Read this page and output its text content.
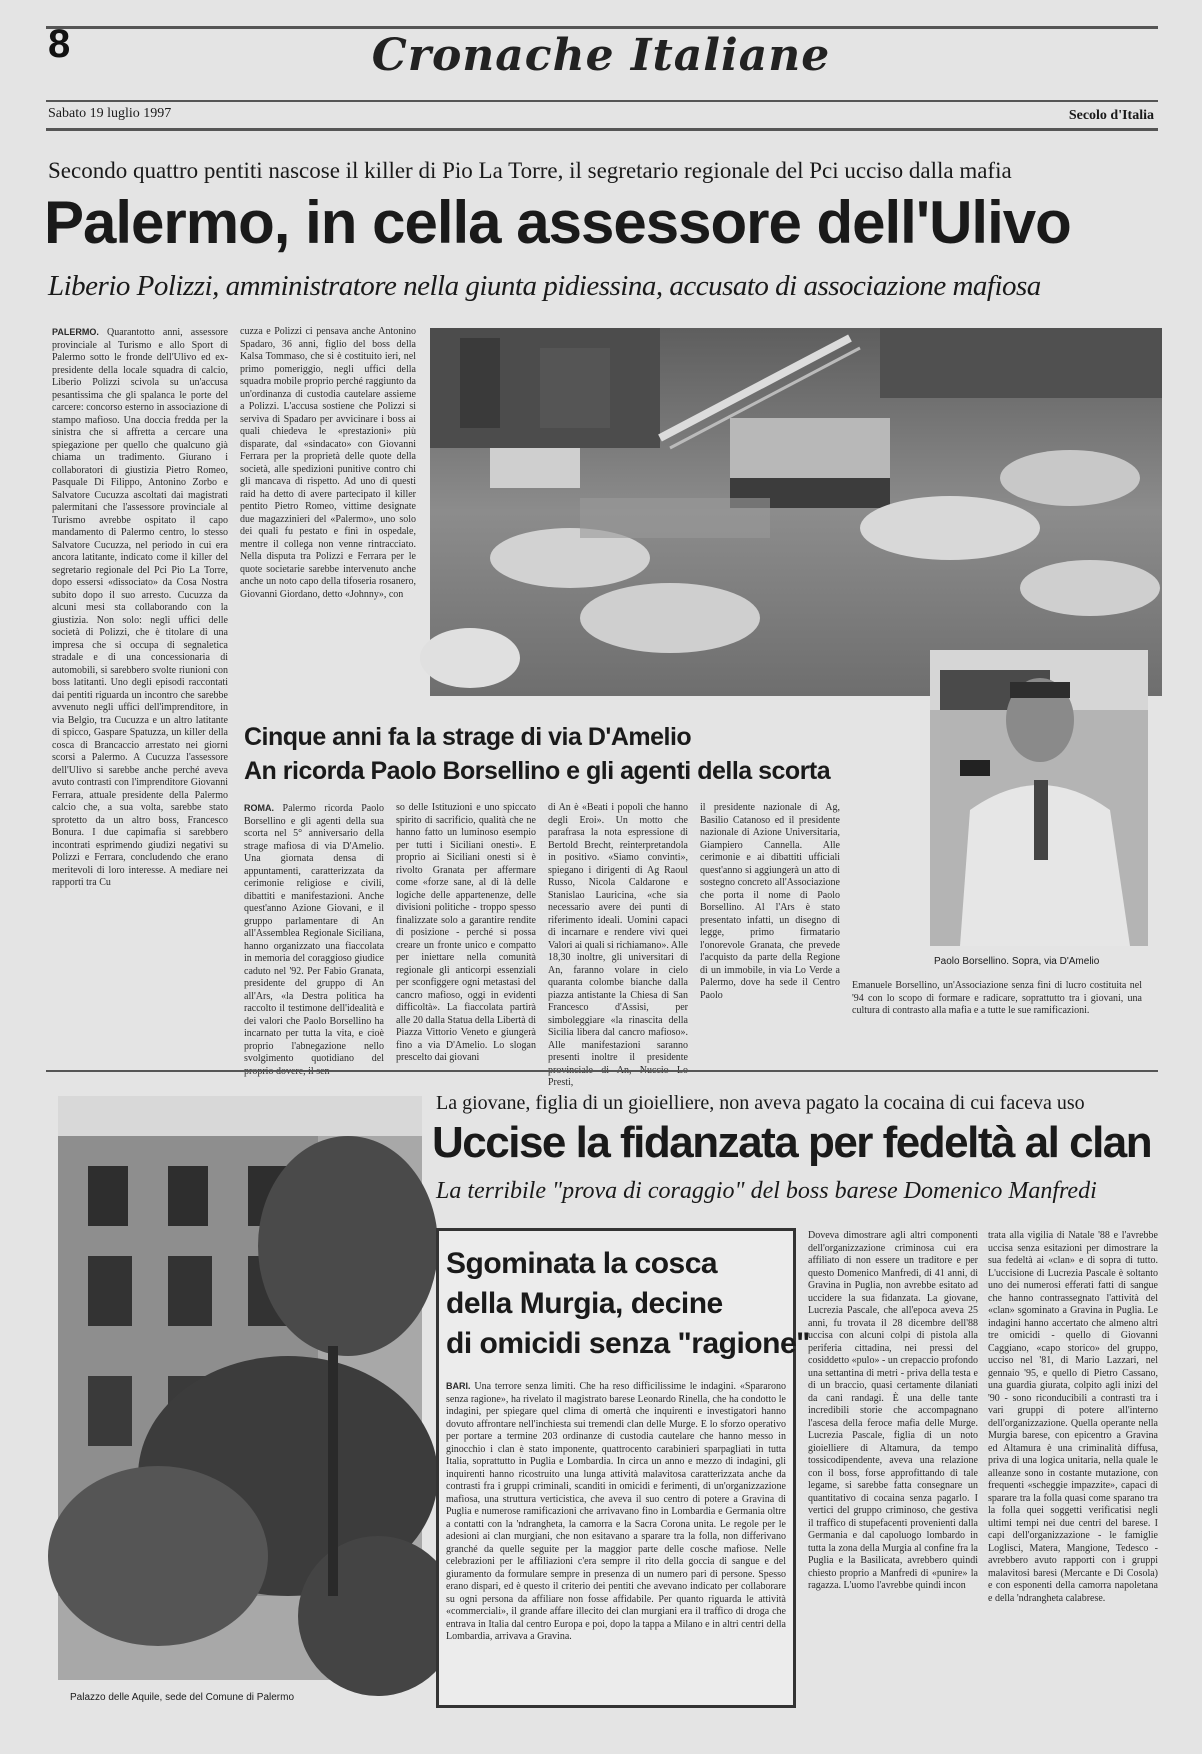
8	Cronache Italiane
Sabato 19 luglio 1997	Secolo d'Italia
Secondo quattro pentiti nascose il killer di Pio La Torre, il segretario regionale del Pci ucciso dalla mafia
Palermo, in cella assessore dell'Ulivo
Liberio Polizzi, amministratore nella giunta pidiessina, accusato di associazione mafiosa
PALERMO. Quarantotto anni, assessore provinciale al Turismo e allo Sport di Palermo sotto le fronde dell'Ulivo ed ex-presidente della locale squadra di calcio, Liberio Polizzi scivola su un'accusa pesantissima che gli spalanca le porte del carcere: concorso esterno in associazione di stampo mafioso. Una doccia fredda per la sinistra che si affretta a cercare una spiegazione per quello che qualcuno già chiama un tradimento. Giurano i collaboratori di giustizia Pietro Romeo, Pasquale Di Filippo, Antonino Zorbo e Salvatore Cucuzza ascoltati dai magistrati palermitani che l'assessore provinciale al Turismo avrebbe ospitato il capo mandamento di Palermo centro, lo stesso Salvatore Cucuzza, nel periodo in cui era ancora latitante, indicato come il killer del segretario regionale del Pci Pio La Torre, dopo essersi «dissociato» da Cosa Nostra subito dopo il suo arresto. Cucuzza da alcuni mesi sta collaborando con la giustizia. Non solo: negli uffici delle società di Polizzi, che è titolare di una impresa che si occupa di segnaletica stradale e di una concessionaria di automobili, si sarebbero svolte riunioni con boss latitanti. Uno degli episodi raccontati dai pentiti riguarda un incontro che sarebbe avvenuto negli uffici dell'imprenditore, in via Belgio, tra Cucuzza e un altro latitante di spicco, Gaspare Spatuzza, un killer della cosca di Brancaccio arrestato nei giorni scorsi a Palermo. A Cucuzza l'assessore dell'Ulivo si sarebbe anche perché aveva avuto contrasti con l'imprenditore Giovanni Ferrara, attuale presidente della Palermo calcio che, a sua volta, sarebbe stato sprotetto da un altro boss, Francesco Bonura. I due capimafia si sarebbero incontrati esprimendo giudizi negativi su Polizzi e Ferrara, concludendo che erano meritevoli di loro interesse. A mediare nei rapporti tra Cu
cuzza e Polizzi ci pensava anche Antonino Spadaro, 36 anni, figlio del boss della Kalsa Tommaso, che si è costituito ieri, nel primo pomeriggio, negli uffici della squadra mobile proprio perché raggiunto da un'ordinanza di custodia cautelare assieme a Polizzi. L'accusa sostiene che Polizzi si serviva di Spadaro per avvicinare i boss ai quali chiedeva le «prestazioni» più disparate, dal «sindacato» con Giovanni Ferrara per la proprietà delle quote della società, alle spedizioni punitive contro chi gli mancava di rispetto. Ad uno di questi raid ha detto di avere partecipato il killer pentito Pietro Romeo, vittime designate due magazzinieri del «Palermo», uno solo dei quali fu pestato e finì in ospedale, mentre il collega non venne rintracciato. Nella disputa tra Polizzi e Ferrara per le quote societarie sarebbe intervenuto anche anche un noto capo della tifoseria rosanero, Giovanni Giordano, detto «Johnny», con
Paolo Borsellino. Sopra, via D'Amelio
Cinque anni fa la strage di via D'Amelio
An ricorda Paolo Borsellino e gli agenti della scorta
ROMA. Palermo ricorda Paolo Borsellino e gli agenti della sua scorta nel 5° anniversario della strage mafiosa di via D'Amelio. Una giornata densa di appuntamenti, caratterizzata da cerimonie religiose e civili, dibattiti e manifestazioni. Anche quest'anno Azione Giovani, e il gruppo parlamentare di An all'Assemblea Regionale Siciliana, hanno organizzato una fiaccolata in memoria del coraggioso giudice caduto nel '92. Per Fabio Granata, presidente del gruppo di An all'Ars, «la Destra politica ha raccolto il testimone dell'idealità e dei valori che Paolo Borsellino ha incarnato per tutta la vita, e cioè proprio l'abnegazione nello svolgimento quotidiano del
so delle Istituzioni e uno spiccato spirito di sacrificio, qualità che ne hanno fatto un luminoso esempio per tutti i Siciliani onesti». E proprio ai Siciliani onesti si è rivolto Granata per affermare come «forze sane, al di là delle logiche delle appartenenze, delle divisioni politiche - troppo spesso finalizzate solo a garantire rendite di posizione - perché si possa creare un fronte unico e compatto per iniettare nella comunità regionale gli anticorpi essenziali per sconfiggere ogni metastasi del cancro mafioso, oggi in evidenti difficoltà». La fiaccolata partirà alle 20 dalla Statua della Libertà di Piazza Vittorio Veneto e giungerà fino a via D'Amelio. Lo slogan prescelto dai giovani
di An è «Beati i popoli che hanno degli Eroi». Un motto che parafrasa la nota espressione di Bertold Brecht, reinterpretandola in positivo. «Siamo convinti», spiegano i dirigenti di Ag Raoul Russo, Nicola Caldarone e Stanislao Lauricina, «che sia necessario avere dei punti di riferimento ideali. Uomini capaci di incarnare e rendere vivi quei Valori ai quali si richiamano». Alle 18,30 inoltre, gli universitari di An, faranno volare in cielo quaranta colombe bianche dalla piazza antistante la Chiesa di San Francesco d'Assisi, per simboleggiare «la rinascita della Sicilia libera dal cancro mafioso». Alle manifestazioni saranno presenti inoltre il presidente Presti,
il presidente nazionale di Ag, Basilio Catanoso ed il presidente nazionale di Azione Universitaria, Giampiero Cannella. Alle cerimonie e ai dibattiti ufficiali quest'anno si aggiungerà un atto di sostegno concreto all'Associazione che porta il nome di Paolo Borsellino. Al l'Ars è stato presentato infatti, un disegno di legge, primo firmatario l'onorevole Granata, che prevede l'acquisto da parte della Regione di un immobile, in via Lo Verde a Palermo, dove ha sede il Centro Paolo
Emanuele Borsellino, un'Associazione senza fini di lucro costituita nel '94 con lo scopo di formare e radicare, soprattutto tra i giovani, una cultura di contrasto alla mafia e a tutte le sue ramificazioni.
Palazzo delle Aquile, sede del Comune di Palermo
La giovane, figlia di un gioielliere, non aveva pagato la cocaina di cui faceva uso
Uccise la fidanzata per fedeltà al clan
La terribile "prova di coraggio" del boss barese Domenico Manfredi
Sgominata la cosca
della Murgia, decine
di omicidi senza "ragione"
BARI. Una terrore senza limiti. Che ha reso difficilissime le indagini. «Spararono senza ragione», ha rivelato il magistrato barese Leonardo Rinella, che ha condotto le indagini, per spiegare quel clima di omertà che inquirenti e investigatori hanno dovuto affrontare nell'inchiesta sui tremendi clan delle Murge. E lo sforzo operativo per portare a termine 203 ordinanze di custodia cautelare che hanno messo in ginocchio i clan è stato imponente, quattrocento carabinieri sparpagliati in tutta Italia, soprattutto in Puglia e Lombardia. In circa un anno e mezzo di indagini, gli inquirenti hanno ricostruito una lunga attività malavitosa caratterizzata anche da contrasti fra i gruppi criminali, scanditi in omicidi e ferimenti, di un'organizzazione mafiosa, una struttura verticistica, che aveva il suo centro di potere a Gravina di Puglia e numerose ramificazioni che arrivavano fino in Lombardia e Germania oltre a contatti con la 'ndrangheta, la camorra e la Sacra Corona unita. Le regole per le adesioni ai clan murgiani, che non esitavano a sparare tra la folla, non differivano granché da quelle seguite per la maggior parte delle cosche mafiose. Nelle celebrazioni per le affiliazioni c'era sempre il rito della goccia di sangue e del giuramento da formulare sempre in presenza di un numero pari di persone. Spesso erano dispari, ed è questo il criterio dei pentiti che avevano indicato per collaborare su ogni persona da affiliare non fosse affidabile. Per quanto riguarda le attività «commerciali», il grande affare illecito dei clan murgiani era il traffico di droga che entrava in Italia dal centro Europa e poi, dopo la tappa a Milano e in altri centri della Lombardia, arrivava a Gravina.
Doveva dimostrare agli altri componenti dell'organizzazione criminosa cui era affiliato di non essere un traditore e per questo Domenico Manfredi, di 41 anni, di Gravina in Puglia, non avrebbe esitato ad uccidere la sua fidanzata. La giovane, Lucrezia Pascale, che all'epoca aveva 25 anni, fu trovata il 28 dicembre dell'88 uccisa con alcuni colpi di pistola alla periferia cittadina, nei pressi del cosiddetto «pulo» - un crepaccio profondo una settantina di metri - priva della testa e di un braccio, quasi certamente dilaniati da cani randagi. È una delle tante incredibili storie che accompagnano l'ascesa della feroce mafia delle Murge. Lucrezia Pascale, figlia di un noto gioielliere di Altamura, da tempo tossicodipendente, aveva una relazione con il boss, forse approfittando di tale legame, si sarebbe fatta consegnare un quantitativo di cocaina senza pagarlo. I vertici del gruppo criminoso, che gestiva il traffico di stupefacenti provenienti dalla Germania e dal capoluogo lombardo in tutta la zona della Murgia al confine fra la Puglia e la Basilicata, avrebbero quindi chiesto proprio a Manfredi di «punire» la ragazza. L'uomo l'avrebbe quindi incon
trata alla vigilia di Natale '88 e l'avrebbe uccisa senza esitazioni per dimostrare la sua fedeltà ai «clan» e di sopra di tutto. L'uccisione di Lucrezia Pascale è soltanto uno dei numerosi efferati fatti di sangue che hanno contrassegnato l'attività del «clan» sgominato a Gravina in Puglia. Le indagini hanno accertato che almeno altri tre omicidi - quello di Giovanni Caggiano, «capo storico» del gruppo, ucciso nel '81, di Mario Lazzari, nel gennaio '95, e quello di Pietro Cassano, una guardia giurata, colpito agli inizi del '90 - sono riconducibili a contrasti tra i vari gruppi di potere all'interno dell'organizzazione. Quella operante nella Murgia barese, con epicentro a Gravina ed Altamura è una criminalità diffusa, priva di una logica unitaria, nella quale le alleanze sono in costante mutazione, con frequenti «scheggie impazzite», capaci di sparare tra la folla quasi come sparano tra la folla quei soggetti verificatisi negli ultimi tempi nei due centri del barese. I capi dell'organizzazione - le famiglie Loglisci, Matera, Mangione, Tedesco - avrebbero avuto rapporti con i gruppi malavitosi baresi (Mercante e Di Cosola) e con esponenti della camorra napoletana e della 'ndrangheta calabrese.
